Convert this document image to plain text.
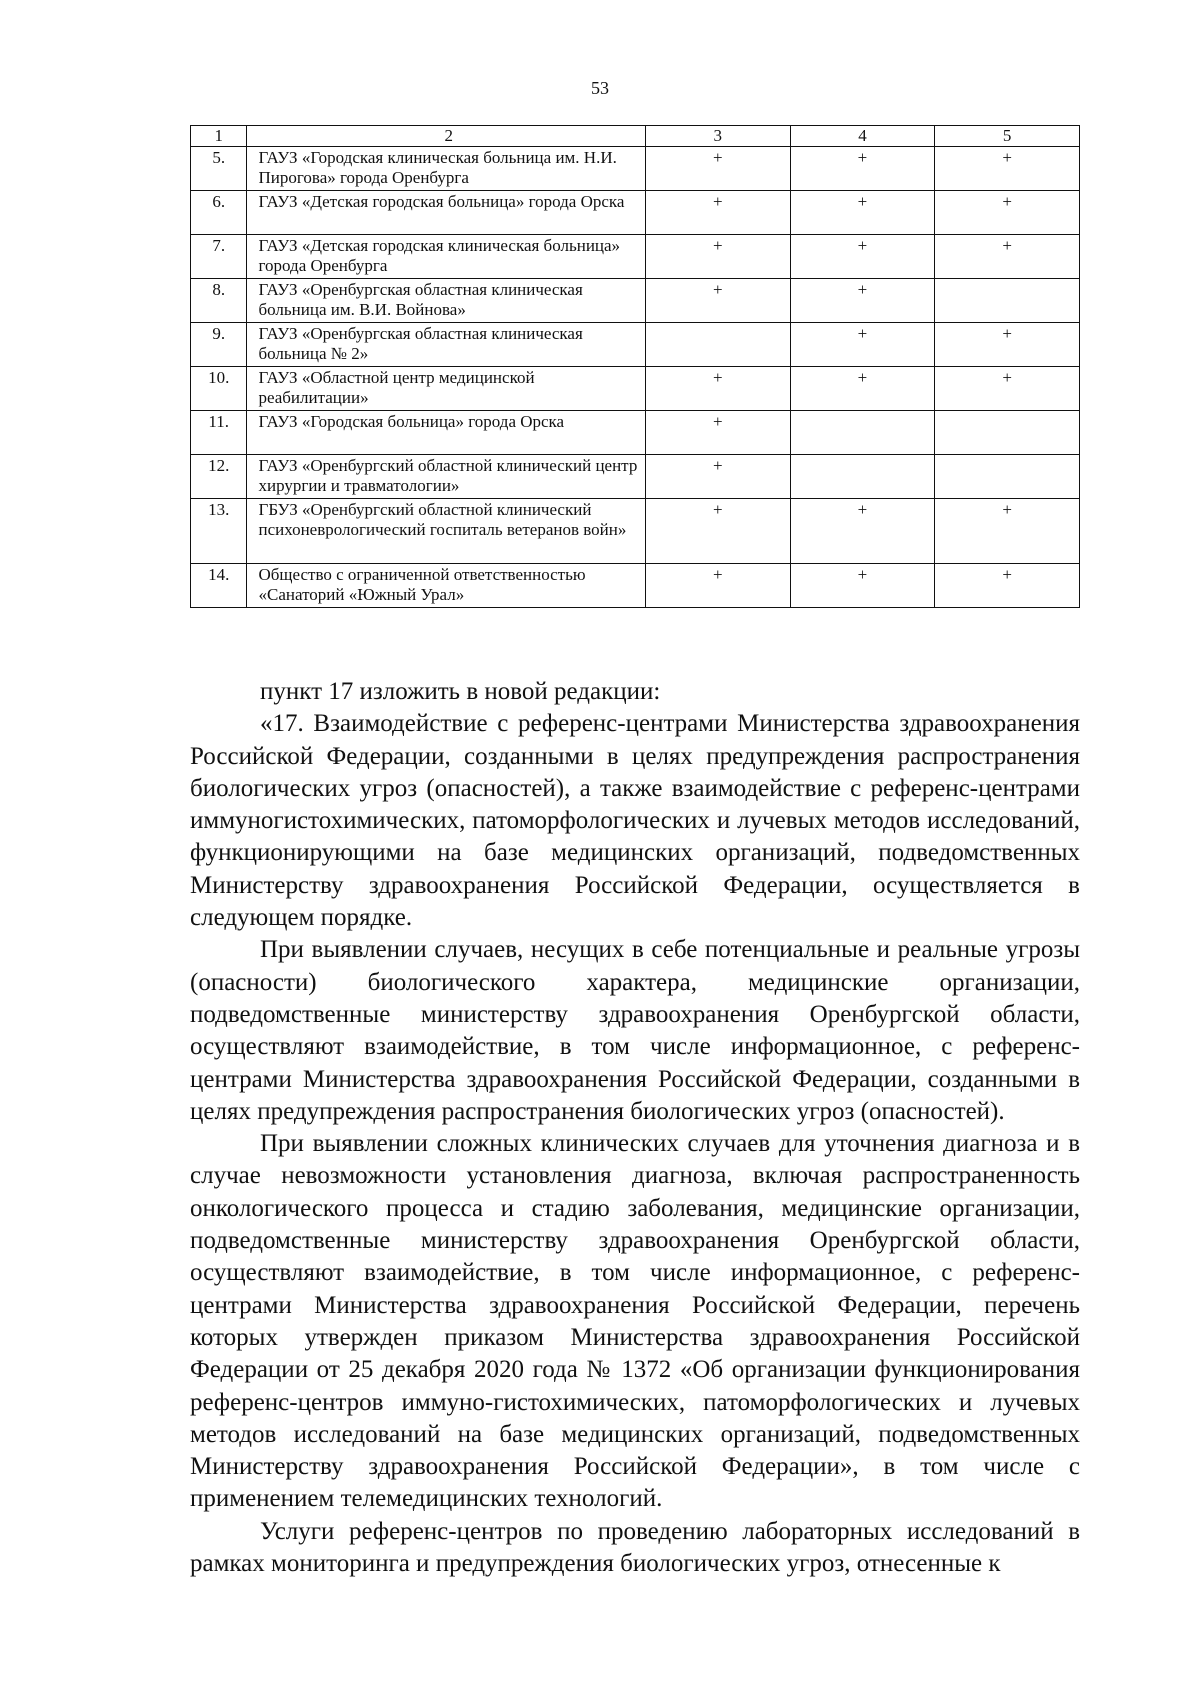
53
1	2	3	4	5
5.	ГАУЗ «Городская клиническая больница им. Н.И. Пирогова» города Оренбурга	+	+	+
6.	ГАУЗ «Детская городская больница» города Орска	+	+	+
7.	ГАУЗ «Детская городская клиническая больница» города Оренбурга	+	+	+
8.	ГАУЗ «Оренбургская областная клиническая больница им. В.И. Войнова»	+	+	
9.	ГАУЗ «Оренбургская областная клиническая больница № 2»		+	+
10.	ГАУЗ «Областной центр медицинской реабилитации»	+	+	+
11.	ГАУЗ «Городская больница» города Орска	+		
12.	ГАУЗ «Оренбургский областной клинический центр хирургии и травматологии»	+		
13.	ГБУЗ «Оренбургский областной клинический психоневрологический госпиталь ветеранов войн»	+	+	+
14.	Общество с ограниченной ответственностью «Санаторий «Южный Урал»	+	+	+

пункт 17 изложить в новой редакции:

«17. Взаимодействие с референс-центрами Министерства здравоохранения Российской Федерации, созданными в целях предупреждения распространения биологических угроз (опасностей), а также взаимодействие с референс-центрами иммуногистохимических, патоморфологических и лучевых методов исследований, функционирующими на базе медицинских организаций, подведомственных Министерству здравоохранения Российской Федерации, осуществляется в следующем порядке.

При выявлении случаев, несущих в себе потенциальные и реальные угрозы (опасности) биологического характера, медицинские организации, подведомственные министерству здравоохранения Оренбургской области, осуществляют взаимодействие, в том числе информационное, с референс-центрами Министерства здравоохранения Российской Федерации, созданными в целях предупреждения распространения биологических угроз (опасностей).

При выявлении сложных клинических случаев для уточнения диагноза и в случае невозможности установления диагноза, включая распространенность онкологического процесса и стадию заболевания, медицинские организации, подведомственные министерству здравоохранения Оренбургской области, осуществляют взаимодействие, в том числе информационное, с референс-центрами Министерства здравоохранения Российской Федерации, перечень которых утвержден приказом Министерства здравоохранения Российской Федерации от 25 декабря 2020 года № 1372 «Об организации функционирования референс-центров иммуно-гистохимических, патоморфологических и лучевых методов исследований на базе медицинских организаций, подведомственных Министерству здравоохранения Российской Федерации», в том числе с применением телемедицинских технологий.

Услуги референс-центров по проведению лабораторных исследований в рамках мониторинга и предупреждения биологических угроз, отнесенные к
